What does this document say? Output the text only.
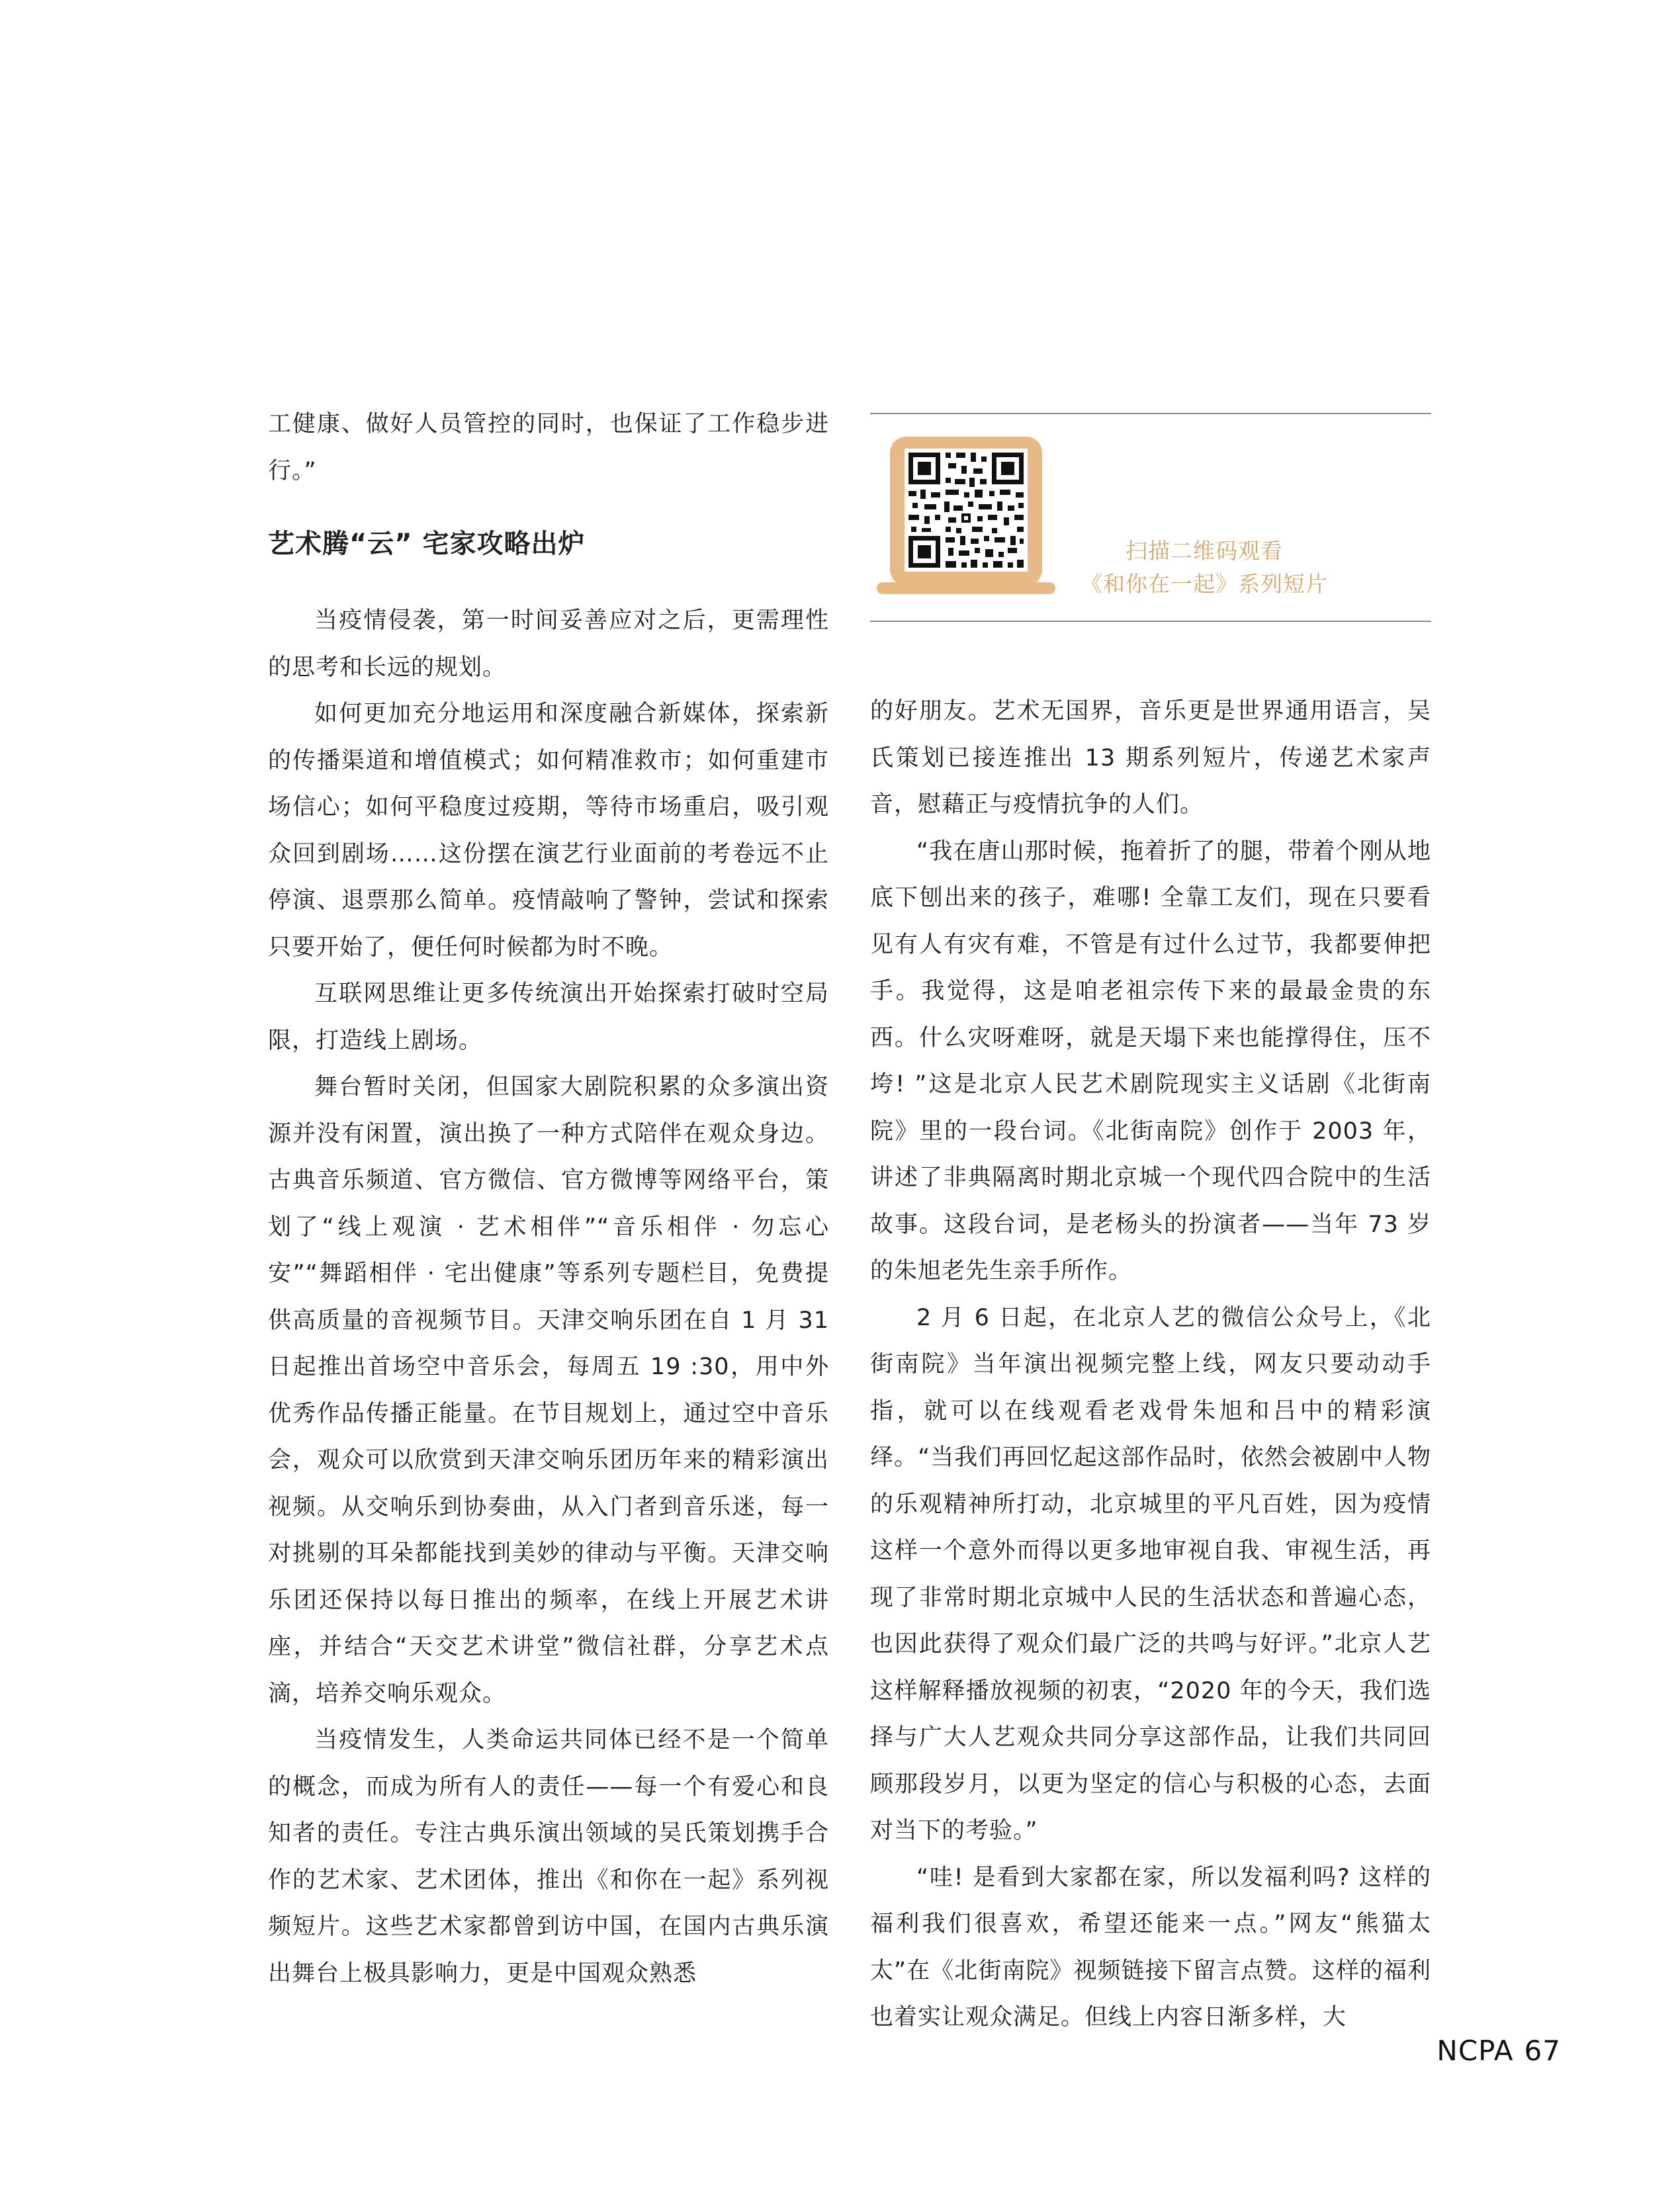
工健康、做好人员管控的同时，也保证了工作稳步进行。”

艺术腾“云” 宅家攻略出炉

当疫情侵袭，第一时间妥善应对之后，更需理性的思考和长远的规划。

如何更加充分地运用和深度融合新媒体，探索新的传播渠道和增值模式；如何精准救市；如何重建市场信心；如何平稳度过疫期，等待市场重启，吸引观众回到剧场……这份摆在演艺行业面前的考卷远不止停演、退票那么简单。疫情敲响了警钟，尝试和探索只要开始了，便任何时候都为时不晚。

互联网思维让更多传统演出开始探索打破时空局限，打造线上剧场。

舞台暂时关闭，但国家大剧院积累的众多演出资源并没有闲置，演出换了一种方式陪伴在观众身边。古典音乐频道、官方微信、官方微博等网络平台，策划了“线上观演 · 艺术相伴”“音乐相伴 · 勿忘心安”“舞蹈相伴 · 宅出健康”等系列专题栏目，免费提供高质量的音视频节目。天津交响乐团在自 1 月 31 日起推出首场空中音乐会，每周五 19 :30，用中外优秀作品传播正能量。在节目规划上，通过空中音乐会，观众可以欣赏到天津交响乐团历年来的精彩演出视频。从交响乐到协奏曲，从入门者到音乐迷，每一对挑剔的耳朵都能找到美妙的律动与平衡。天津交响乐团还保持以每日推出的频率，在线上开展艺术讲座，并结合“天交艺术讲堂”微信社群，分享艺术点滴，培养交响乐观众。

当疫情发生，人类命运共同体已经不是一个简单的概念，而成为所有人的责任——每一个有爱心和良知者的责任。专注古典乐演出领域的吴氏策划携手合作的艺术家、艺术团体，推出《和你在一起》系列视频短片。这些艺术家都曾到访中国，在国内古典乐演出舞台上极具影响力，更是中国观众熟悉

扫描二维码观看
《和你在一起》系列短片

的好朋友。艺术无国界，音乐更是世界通用语言，吴氏策划已接连推出 13 期系列短片，传递艺术家声音，慰藉正与疫情抗争的人们。

“我在唐山那时候，拖着折了的腿，带着个刚从地底下刨出来的孩子，难哪! 全靠工友们，现在只要看见有人有灾有难，不管是有过什么过节，我都要伸把手。我觉得，这是咱老祖宗传下来的最最金贵的东西。什么灾呀难呀，就是天塌下来也能撑得住，压不垮! ”这是北京人民艺术剧院现实主义话剧《北街南院》里的一段台词。《北街南院》创作于 2003 年，讲述了非典隔离时期北京城一个现代四合院中的生活故事。这段台词，是老杨头的扮演者——当年 73 岁的朱旭老先生亲手所作。

2 月 6 日起，在北京人艺的微信公众号上，《北街南院》当年演出视频完整上线，网友只要动动手指，就可以在线观看老戏骨朱旭和吕中的精彩演绎。“当我们再回忆起这部作品时，依然会被剧中人物的乐观精神所打动，北京城里的平凡百姓，因为疫情这样一个意外而得以更多地审视自我、审视生活，再现了非常时期北京城中人民的生活状态和普遍心态，也因此获得了观众们最广泛的共鸣与好评。”北京人艺这样解释播放视频的初衷，“2020 年的今天，我们选择与广大人艺观众共同分享这部作品，让我们共同回顾那段岁月，以更为坚定的信心与积极的心态，去面对当下的考验。”

“哇! 是看到大家都在家，所以发福利吗? 这样的福利我们很喜欢，希望还能来一点。”网友“熊猫太太”在《北街南院》视频链接下留言点赞。这样的福利也着实让观众满足。但线上内容日渐多样，大

NCPA 67
